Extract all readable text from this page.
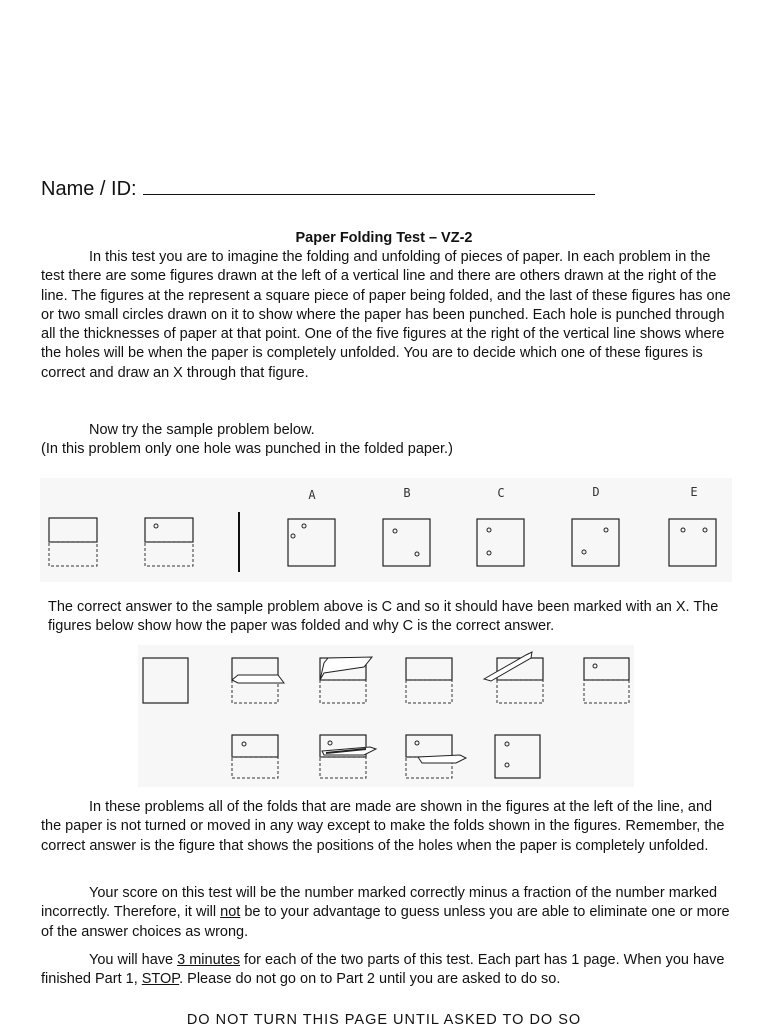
Name / ID:
Paper Folding Test – VZ-2

In this test you are to imagine the folding and unfolding of pieces of paper. In each problem in the test there are some figures drawn at the left of a vertical line and there are others drawn at the right of the line. The figures at the represent a square piece of paper being folded, and the last of these figures has one or two small circles drawn on it to show where the paper has been punched. Each hole is punched through all the thicknesses of paper at that point. One of the five figures at the right of the vertical line shows where the holes will be when the paper is completely unfolded. You are to decide which one of these figures is correct and draw an X through that figure.

Now try the sample problem below.
(In this problem only one hole was punched in the folded paper.)

A	B	C	D	E

The correct answer to the sample problem above is C and so it should have been marked with an X. The figures below show how the paper was folded and why C is the correct answer.

In these problems all of the folds that are made are shown in the figures at the left of the line, and the paper is not turned or moved in any way except to make the folds shown in the figures. Remember, the correct answer is the figure that shows the positions of the holes when the paper is completely unfolded.

Your score on this test will be the number marked correctly minus a fraction of the number marked incorrectly. Therefore, it will not be to your advantage to guess unless you are able to eliminate one or more of the answer choices as wrong.

You will have 3 minutes for each of the two parts of this test. Each part has 1 page. When you have finished Part 1, STOP. Please do not go on to Part 2 until you are asked to do so.

DO NOT TURN THIS PAGE UNTIL ASKED TO DO SO
